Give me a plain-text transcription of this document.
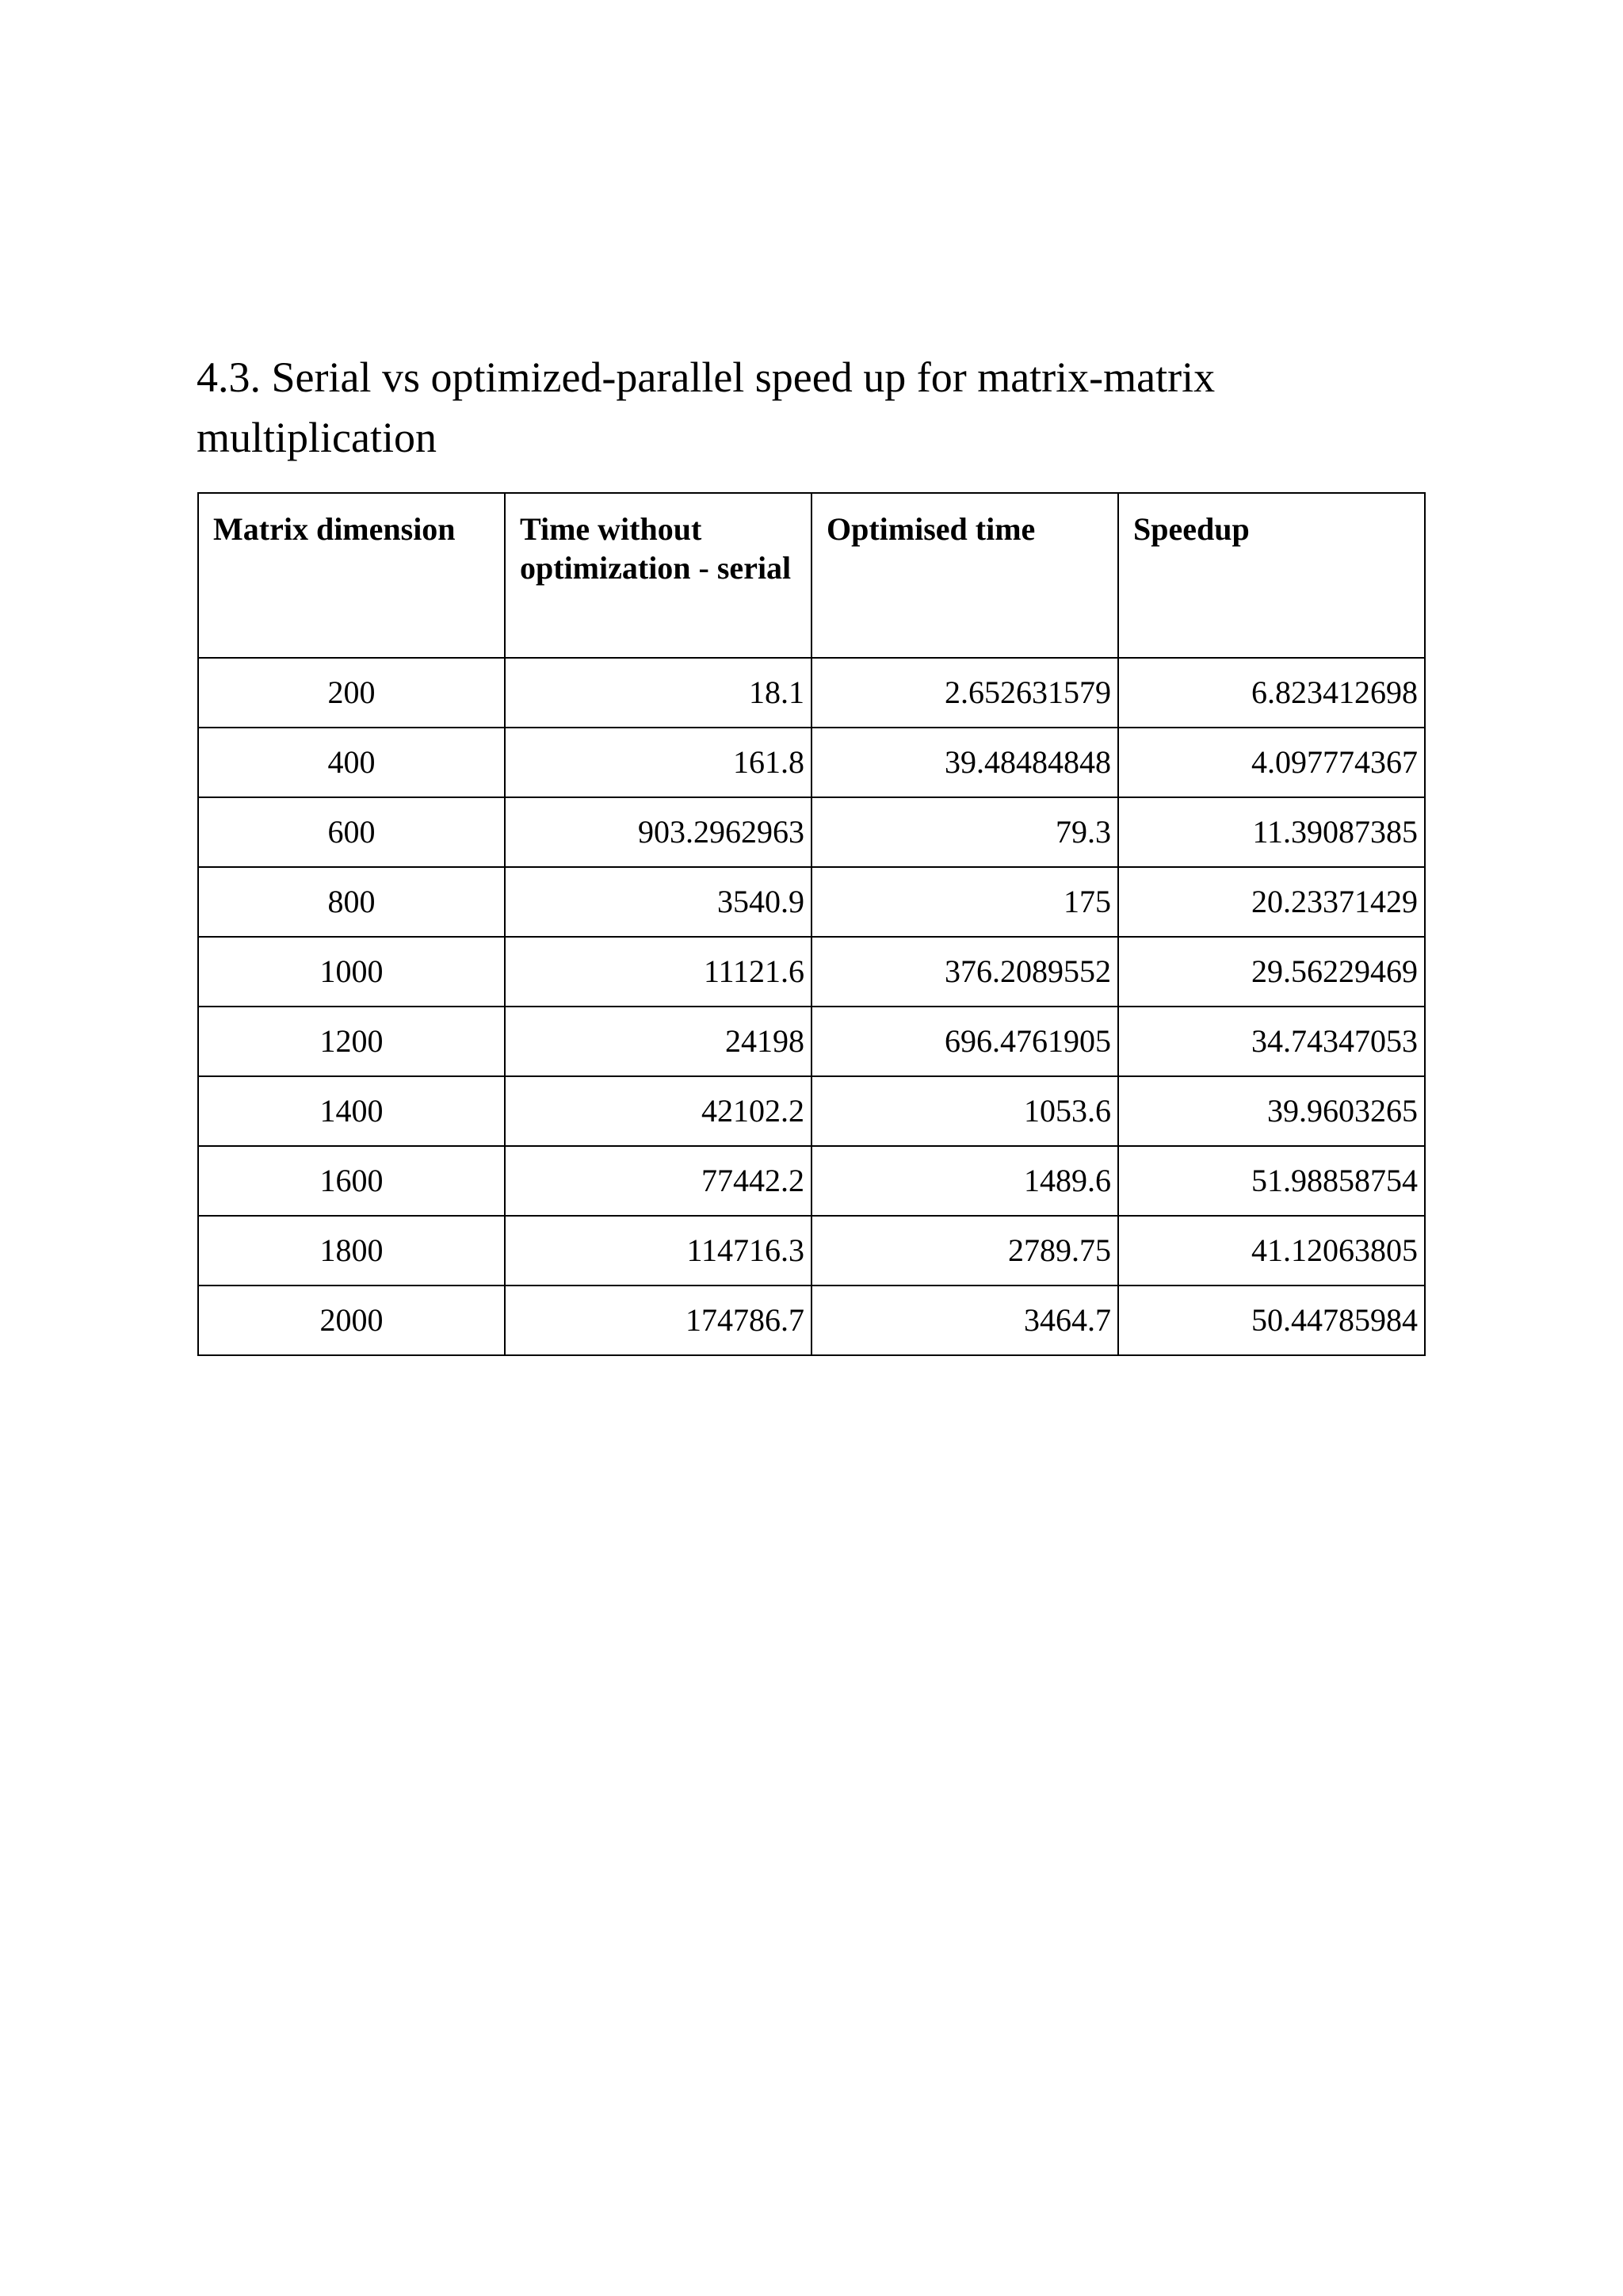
4.3. Serial vs optimized-parallel speed up for matrix-matrix multiplication
Matrix dimension	Time without optimization - serial	Optimised time	Speedup
200	18.1	2.652631579	6.823412698
400	161.8	39.48484848	4.097774367
600	903.2962963	79.3	11.39087385
800	3540.9	175	20.23371429
1000	11121.6	376.2089552	29.56229469
1200	24198	696.4761905	34.74347053
1400	42102.2	1053.6	39.9603265
1600	77442.2	1489.6	51.98858754
1800	114716.3	2789.75	41.12063805
2000	174786.7	3464.7	50.44785984
